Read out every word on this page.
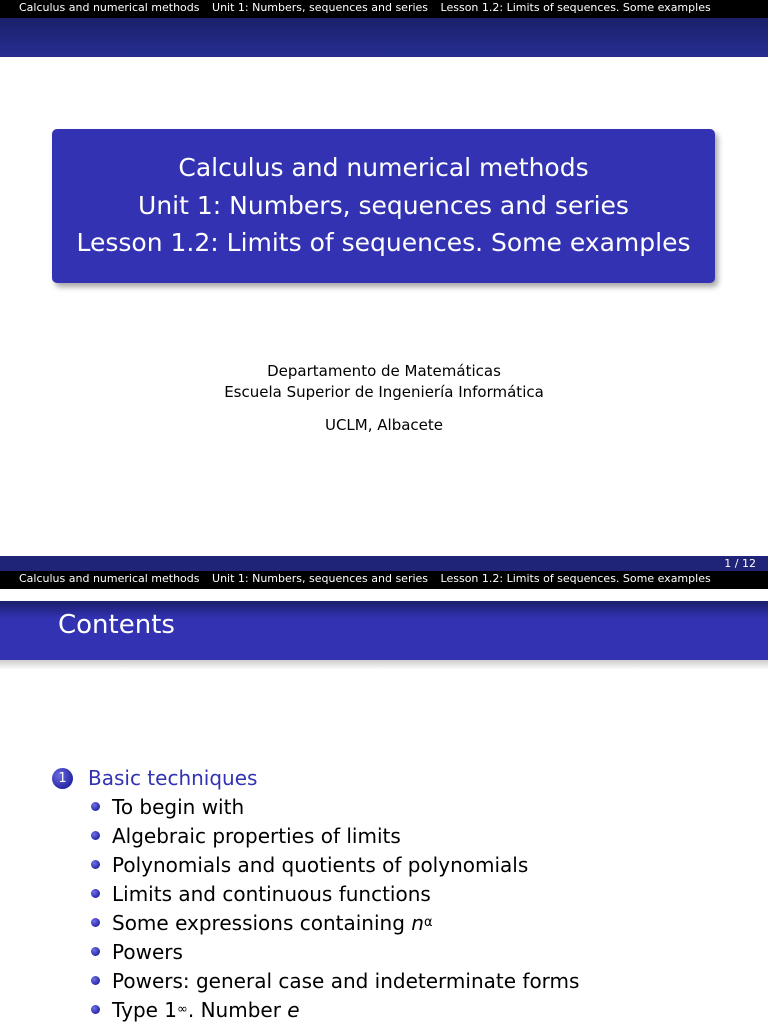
Calculus and numerical methods Unit 1: Numbers, sequences and series Lesson 1.2: Limits of sequences. Some examples
Calculus and numerical methods
Unit 1: Numbers, sequences and series
Lesson 1.2: Limits of sequences. Some examples
Departamento de Matemáticas
Escuela Superior de Ingeniería Informática
UCLM, Albacete
1 / 12
Calculus and numerical methods Unit 1: Numbers, sequences and series Lesson 1.2: Limits of sequences. Some examples
Contents
1	Basic techniques
To begin with
Algebraic properties of limits
Polynomials and quotients of polynomials
Limits and continuous functions
Some expressions containing n α
Powers
Powers: general case and indeterminate forms
Type 1 ∞ . Number e
